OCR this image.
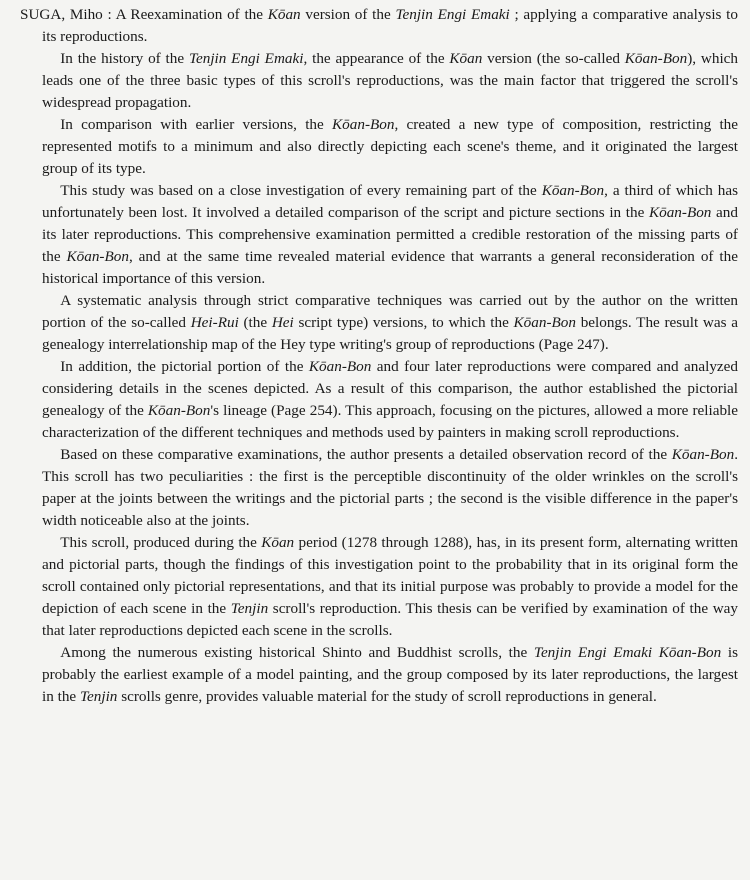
SUGA, Miho : A Reexamination of the Kōan version of the Tenjin Engi Emaki ; applying a comparative analysis to its reproductions.

In the history of the Tenjin Engi Emaki, the appearance of the Kōan version (the so-called Kōan-Bon), which leads one of the three basic types of this scroll's reproductions, was the main factor that triggered the scroll's widespread propagation.

In comparison with earlier versions, the Kōan-Bon, created a new type of composition, restricting the represented motifs to a minimum and also directly depicting each scene's theme, and it originated the largest group of its type.

This study was based on a close investigation of every remaining part of the Kōan-Bon, a third of which has unfortunately been lost. It involved a detailed comparison of the script and picture sections in the Kōan-Bon and its later reproductions. This comprehensive examination permitted a credible restoration of the missing parts of the Kōan-Bon, and at the same time revealed material evidence that warrants a general reconsideration of the historical importance of this version.

A systematic analysis through strict comparative techniques was carried out by the author on the written portion of the so-called Hei-Rui (the Hei script type) versions, to which the Kōan-Bon belongs. The result was a genealogy interrelationship map of the Hey type writing's group of reproductions (Page 247).

In addition, the pictorial portion of the Kōan-Bon and four later reproductions were compared and analyzed considering details in the scenes depicted. As a result of this comparison, the author established the pictorial genealogy of the Kōan-Bon's lineage (Page 254). This approach, focusing on the pictures, allowed a more reliable characterization of the different techniques and methods used by painters in making scroll reproductions.

Based on these comparative examinations, the author presents a detailed observation record of the Kōan-Bon. This scroll has two peculiarities : the first is the perceptible discontinuity of the older wrinkles on the scroll's paper at the joints between the writings and the pictorial parts ; the second is the visible difference in the paper's width noticeable also at the joints.

This scroll, produced during the Kōan period (1278 through 1288), has, in its present form, alternating written and pictorial parts, though the findings of this investigation point to the probability that in its original form the scroll contained only pictorial representations, and that its initial purpose was probably to provide a model for the depiction of each scene in the Tenjin scroll's reproduction. This thesis can be verified by examination of the way that later reproductions depicted each scene in the scrolls.

Among the numerous existing historical Shinto and Buddhist scrolls, the Tenjin Engi Emaki Kōan-Bon is probably the earliest example of a model painting, and the group composed by its later reproductions, the largest in the Tenjin scrolls genre, provides valuable material for the study of scroll reproductions in general.
